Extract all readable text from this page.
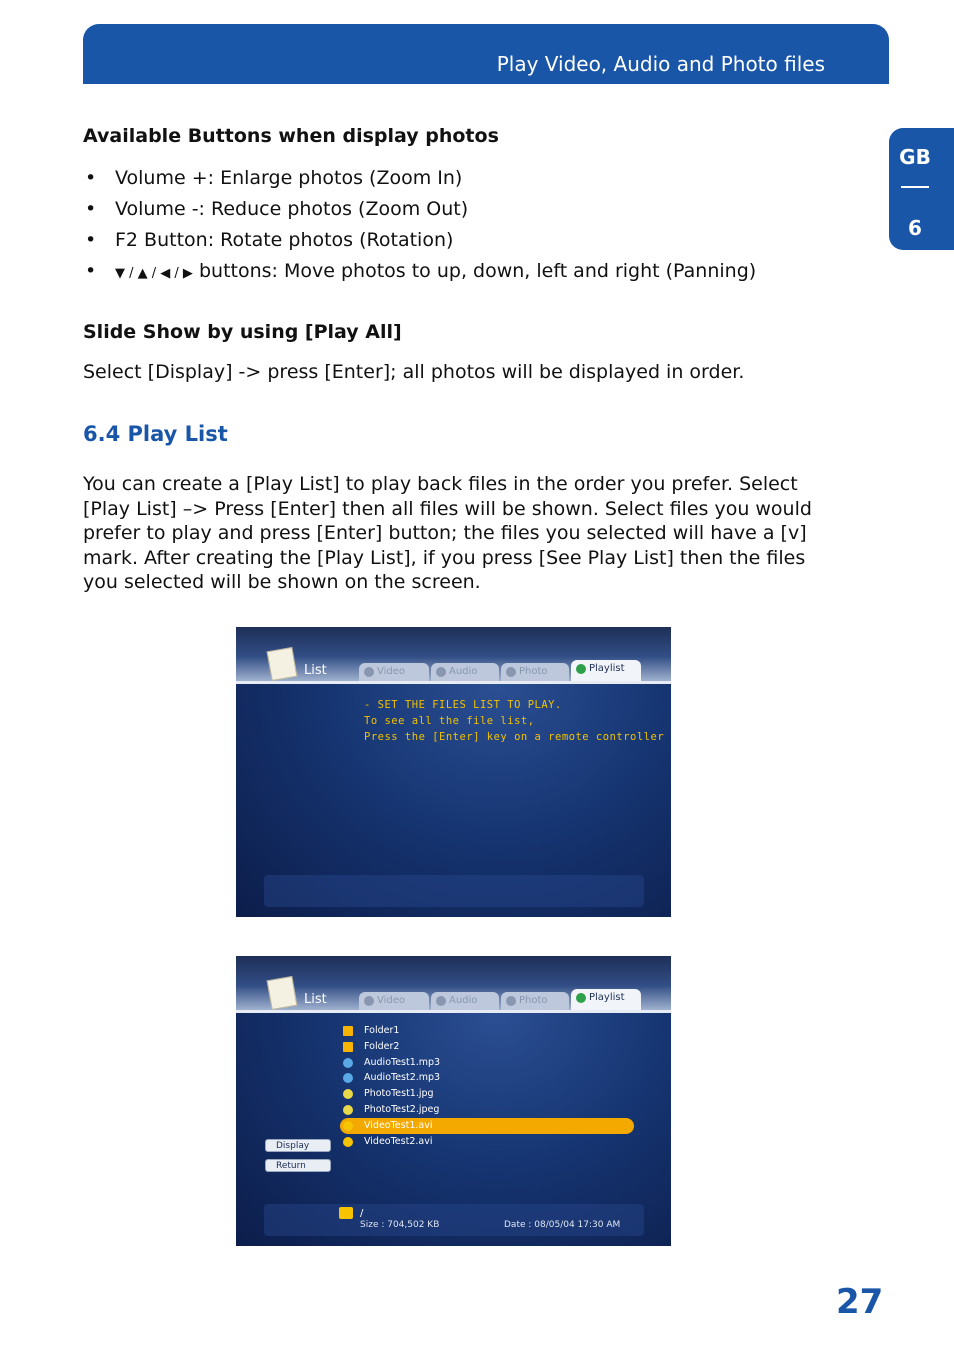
Play Video, Audio and Photo files
GB
6
Available Buttons when display photos
• Volume +: Enlarge photos (Zoom In)
• Volume -: Reduce photos (Zoom Out)
• F2 Button: Rotate photos (Rotation)
• ▼ / ▲ / ◀ / ▶ buttons: Move photos to up, down, left and right (Panning)
Slide Show by using [Play All]
Select [Display] -> press [Enter]; all photos will be displayed in order.
6.4 Play List
You can create a [Play List] to play back files in the order you prefer. Select [Play List] –> Press [Enter] then all files will be shown. Select files you would prefer to play and press [Enter] button; the files you selected will have a [v] mark. After creating the [Play List], if you press [See Play List] then the files you selected will be shown on the screen.
List	Video	Audio	Photo	Playlist
- SET THE FILES LIST TO PLAY.
To see all the file list,
Press the [Enter] key on a remote controller
List	Video	Audio	Photo	Playlist
Folder1
Folder2
AudioTest1.mp3
AudioTest2.mp3
PhotoTest1.jpg
PhotoTest2.jpeg
VideoTest1.avi
VideoTest2.avi
Display
Return
/
Size : 704,502 KB	Date : 08/05/04 17:30 AM
27
